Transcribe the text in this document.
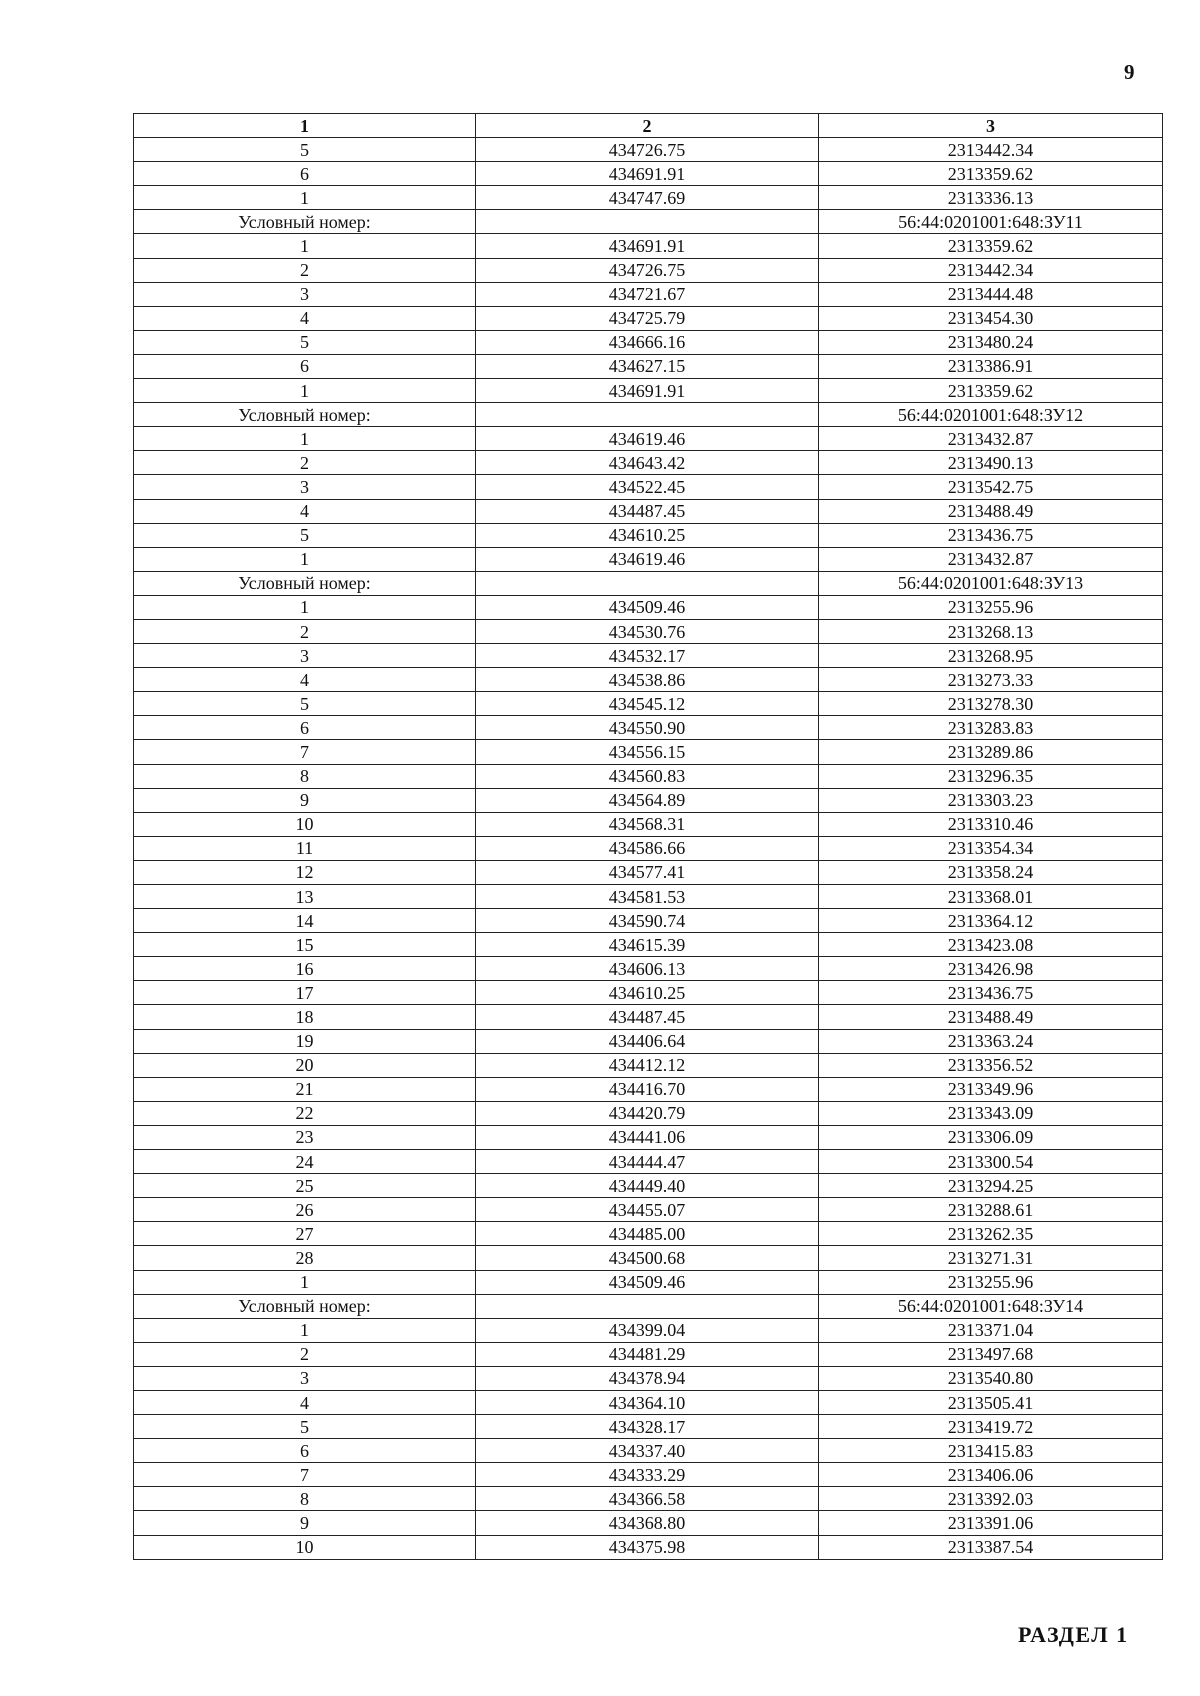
9
1	2	3
5	434726.75	2313442.34
6	434691.91	2313359.62
1	434747.69	2313336.13
Условный номер:		56:44:0201001:648:ЗУ11
1	434691.91	2313359.62
2	434726.75	2313442.34
3	434721.67	2313444.48
4	434725.79	2313454.30
5	434666.16	2313480.24
6	434627.15	2313386.91
1	434691.91	2313359.62
Условный номер:		56:44:0201001:648:ЗУ12
1	434619.46	2313432.87
2	434643.42	2313490.13
3	434522.45	2313542.75
4	434487.45	2313488.49
5	434610.25	2313436.75
1	434619.46	2313432.87
Условный номер:		56:44:0201001:648:ЗУ13
1	434509.46	2313255.96
2	434530.76	2313268.13
3	434532.17	2313268.95
4	434538.86	2313273.33
5	434545.12	2313278.30
6	434550.90	2313283.83
7	434556.15	2313289.86
8	434560.83	2313296.35
9	434564.89	2313303.23
10	434568.31	2313310.46
11	434586.66	2313354.34
12	434577.41	2313358.24
13	434581.53	2313368.01
14	434590.74	2313364.12
15	434615.39	2313423.08
16	434606.13	2313426.98
17	434610.25	2313436.75
18	434487.45	2313488.49
19	434406.64	2313363.24
20	434412.12	2313356.52
21	434416.70	2313349.96
22	434420.79	2313343.09
23	434441.06	2313306.09
24	434444.47	2313300.54
25	434449.40	2313294.25
26	434455.07	2313288.61
27	434485.00	2313262.35
28	434500.68	2313271.31
1	434509.46	2313255.96
Условный номер:		56:44:0201001:648:ЗУ14
1	434399.04	2313371.04
2	434481.29	2313497.68
3	434378.94	2313540.80
4	434364.10	2313505.41
5	434328.17	2313419.72
6	434337.40	2313415.83
7	434333.29	2313406.06
8	434366.58	2313392.03
9	434368.80	2313391.06
10	434375.98	2313387.54
РАЗДЕЛ 1
